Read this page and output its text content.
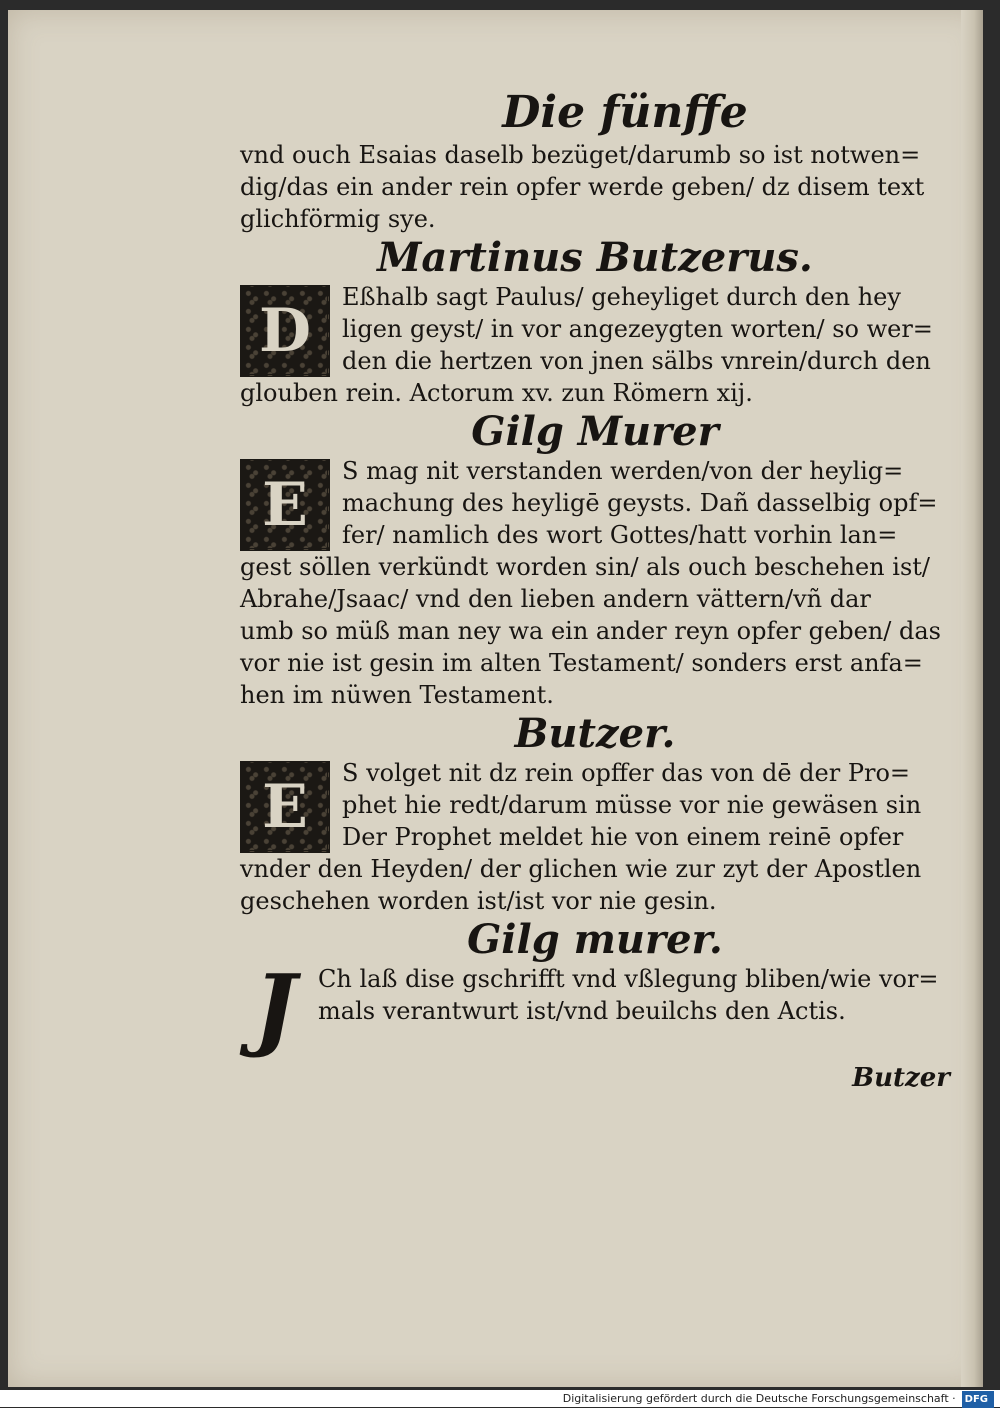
Die fünffe

vnd ouch Esaias daselb bezüget/darumb so ist notwen=
dig/das ein ander rein opfer werde geben/ dz disem text
glichförmig sye.

Martinus Butzerus.

D	Eßhalb sagt Paulus/ geheyliget durch den hey
ligen geyst/ in vor angezeygten worten/ so wer=
den die hertzen von jnen sälbs vnrein/durch den
glouben rein. Actorum xv. zun Römern xij.

Gilg Murer

E	S mag nit verstanden werden/von der heylig=
machung des heyligē geysts. Dañ dasselbig opf=
fer/ namlich des wort Gottes/hatt vorhin lan=
gest söllen verkündt worden sin/ als ouch beschehen ist/
Abrahe/Jsaac/ vnd den lieben andern vättern/vñ dar
umb so müß man ney wa ein ander reyn opfer geben/ das
vor nie ist gesin im alten Testament/ sonders erst anfa=
hen im nüwen Testament.

Butzer.

E	S volget nit dz rein opffer das von dē der Pro=
phet hie redt/darum müsse vor nie gewäsen sin
Der Prophet meldet hie von einem reinē opfer
vnder den Heyden/ der glichen wie zur zyt der Apostlen
geschehen worden ist/ist vor nie gesin.

Gilg murer.

J Ch laß dise gschrifft vnd vßlegung bliben/wie vor=
mals verantwurt ist/vnd beuilchs den Actis.

Butzer

Digitalisierung gefördert durch die Deutsche Forschungsgemeinschaft · DFG
